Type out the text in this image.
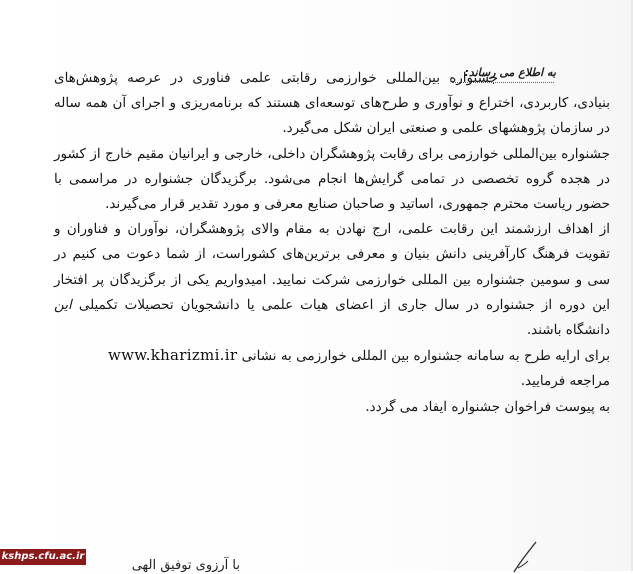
به اطلاع می رساند:

جشنواره بین‌المللی خوارزمی رقابتی علمی فناوری در عرصه پژوهش‌های بنیادی، کاربردی، اختراع و نوآوری و طرح‌های توسعه‌ای هستند که برنامه‌ریزی و اجرای آن همه ساله در سازمان پژوهشهای علمی و صنعتی ایران شکل می‌گیرد.

جشنواره بین‌المللی خوارزمی برای رقابت پژوهشگران داخلی، خارجی و ایرانیان مقیم خارج از کشور در هجده گروه تخصصی در تمامی گرایش‌ها انجام می‌شود. برگزیدگان جشنواره در مراسمی با حضور ریاست محترم جمهوری، اساتید و صاحبان صنایع معرفی و مورد تقدیر قرار می‌گیرند.

از اهداف ارزشمند این رقابت علمی، ارج نهادن به مقام والای پژوهشگران، نوآوران و فناوران و تقویت فرهنگ کارآفرینی دانش بنیان و معرفی برترین‌های کشوراست، از شما دعوت می کنیم در سی و سومین جشنواره بین المللی خوارزمی شرکت نمایید. امیدواریم یکی از برگزیدگان پر افتخار این دوره از جشنواره در سال جاری از اعضای هیات علمی یا دانشجویان تحصیلات تکمیلی این دانشگاه باشند.

برای ارایه طرح به سامانه جشنواره بین المللی خوارزمی به نشانی www.kharizmi.ir
مراجعه فرمایید.

به پیوست فراخوان جشنواره ایفاد می گردد.

با آرزوی توفیق الهی
kshps.cfu.ac.ir
